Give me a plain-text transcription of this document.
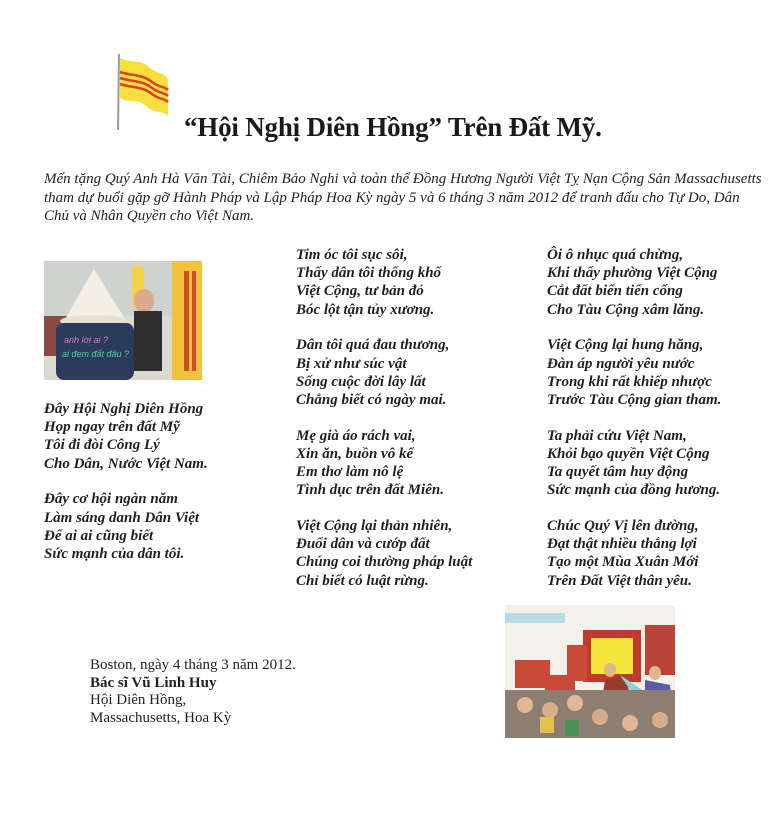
“Hội Nghị Diên Hồng” Trên Đất Mỹ.
Mến tặng Quý Anh Hà Văn Tài, Chiêm Bảo Nghi và toàn thể Đồng Hương Người Việt Tỵ Nạn Cộng Sản Massachusetts tham dự buổi gặp gỡ Hành Pháp và Lập Pháp Hoa Kỳ ngày 5 và 6 tháng 3 năm 2012 để tranh đấu cho Tự Do, Dân Chủ và Nhân Quyền cho Việt Nam.
anh lời ai ?
ai đem đất đâu ?
Đây Hội Nghị Diên Hồng
Họp ngay trên đất Mỹ
Tôi đi đòi Công Lý
Cho Dân, Nước Việt Nam.
Đây cơ hội ngàn năm
Làm sáng danh Dân Việt
Để ai ai cũng biết
Sức mạnh của dân tôi.
Tim óc tôi sục sôi,
Thấy dân tôi thống khổ
Việt Cộng, tư bản đỏ
Bóc lột tận tủy xương.
Dân tôi quá đau thương,
Bị xử như súc vật
Sống cuộc đời lây lất
Chẳng biết có ngày mai.
Mẹ già áo rách vai,
Xin ăn, buồn vô kể
Em thơ làm nô lệ
Tình dục trên đất Miên.
Việt Cộng lại thản nhiên,
Đuổi dân và cướp đất
Chúng coi thường pháp luật
Chỉ biết có luật rừng.
Ôi ô nhục quá chừng,
Khi thấy phường Việt Cộng
Cắt đất biển tiến cống
Cho Tàu Cộng xâm lăng.
Việt Cộng lại hung hăng,
Đàn áp người yêu nước
Trong khi rất khiếp nhược
Trước Tàu Cộng gian tham.
Ta phải cứu Việt Nam,
Khỏi bạo quyền Việt Cộng
Ta quyết tâm huy động
Sức mạnh của đồng hương.
Chúc Quý Vị lên đường,
Đạt thật nhiều thắng lợi
Tạo một Mùa Xuân Mới
Trên Đất Việt thân yêu.
Boston, ngày 4 tháng 3 năm 2012.
Bác sĩ Vũ Linh Huy
Hội Diên Hồng,
Massachusetts, Hoa Kỳ
